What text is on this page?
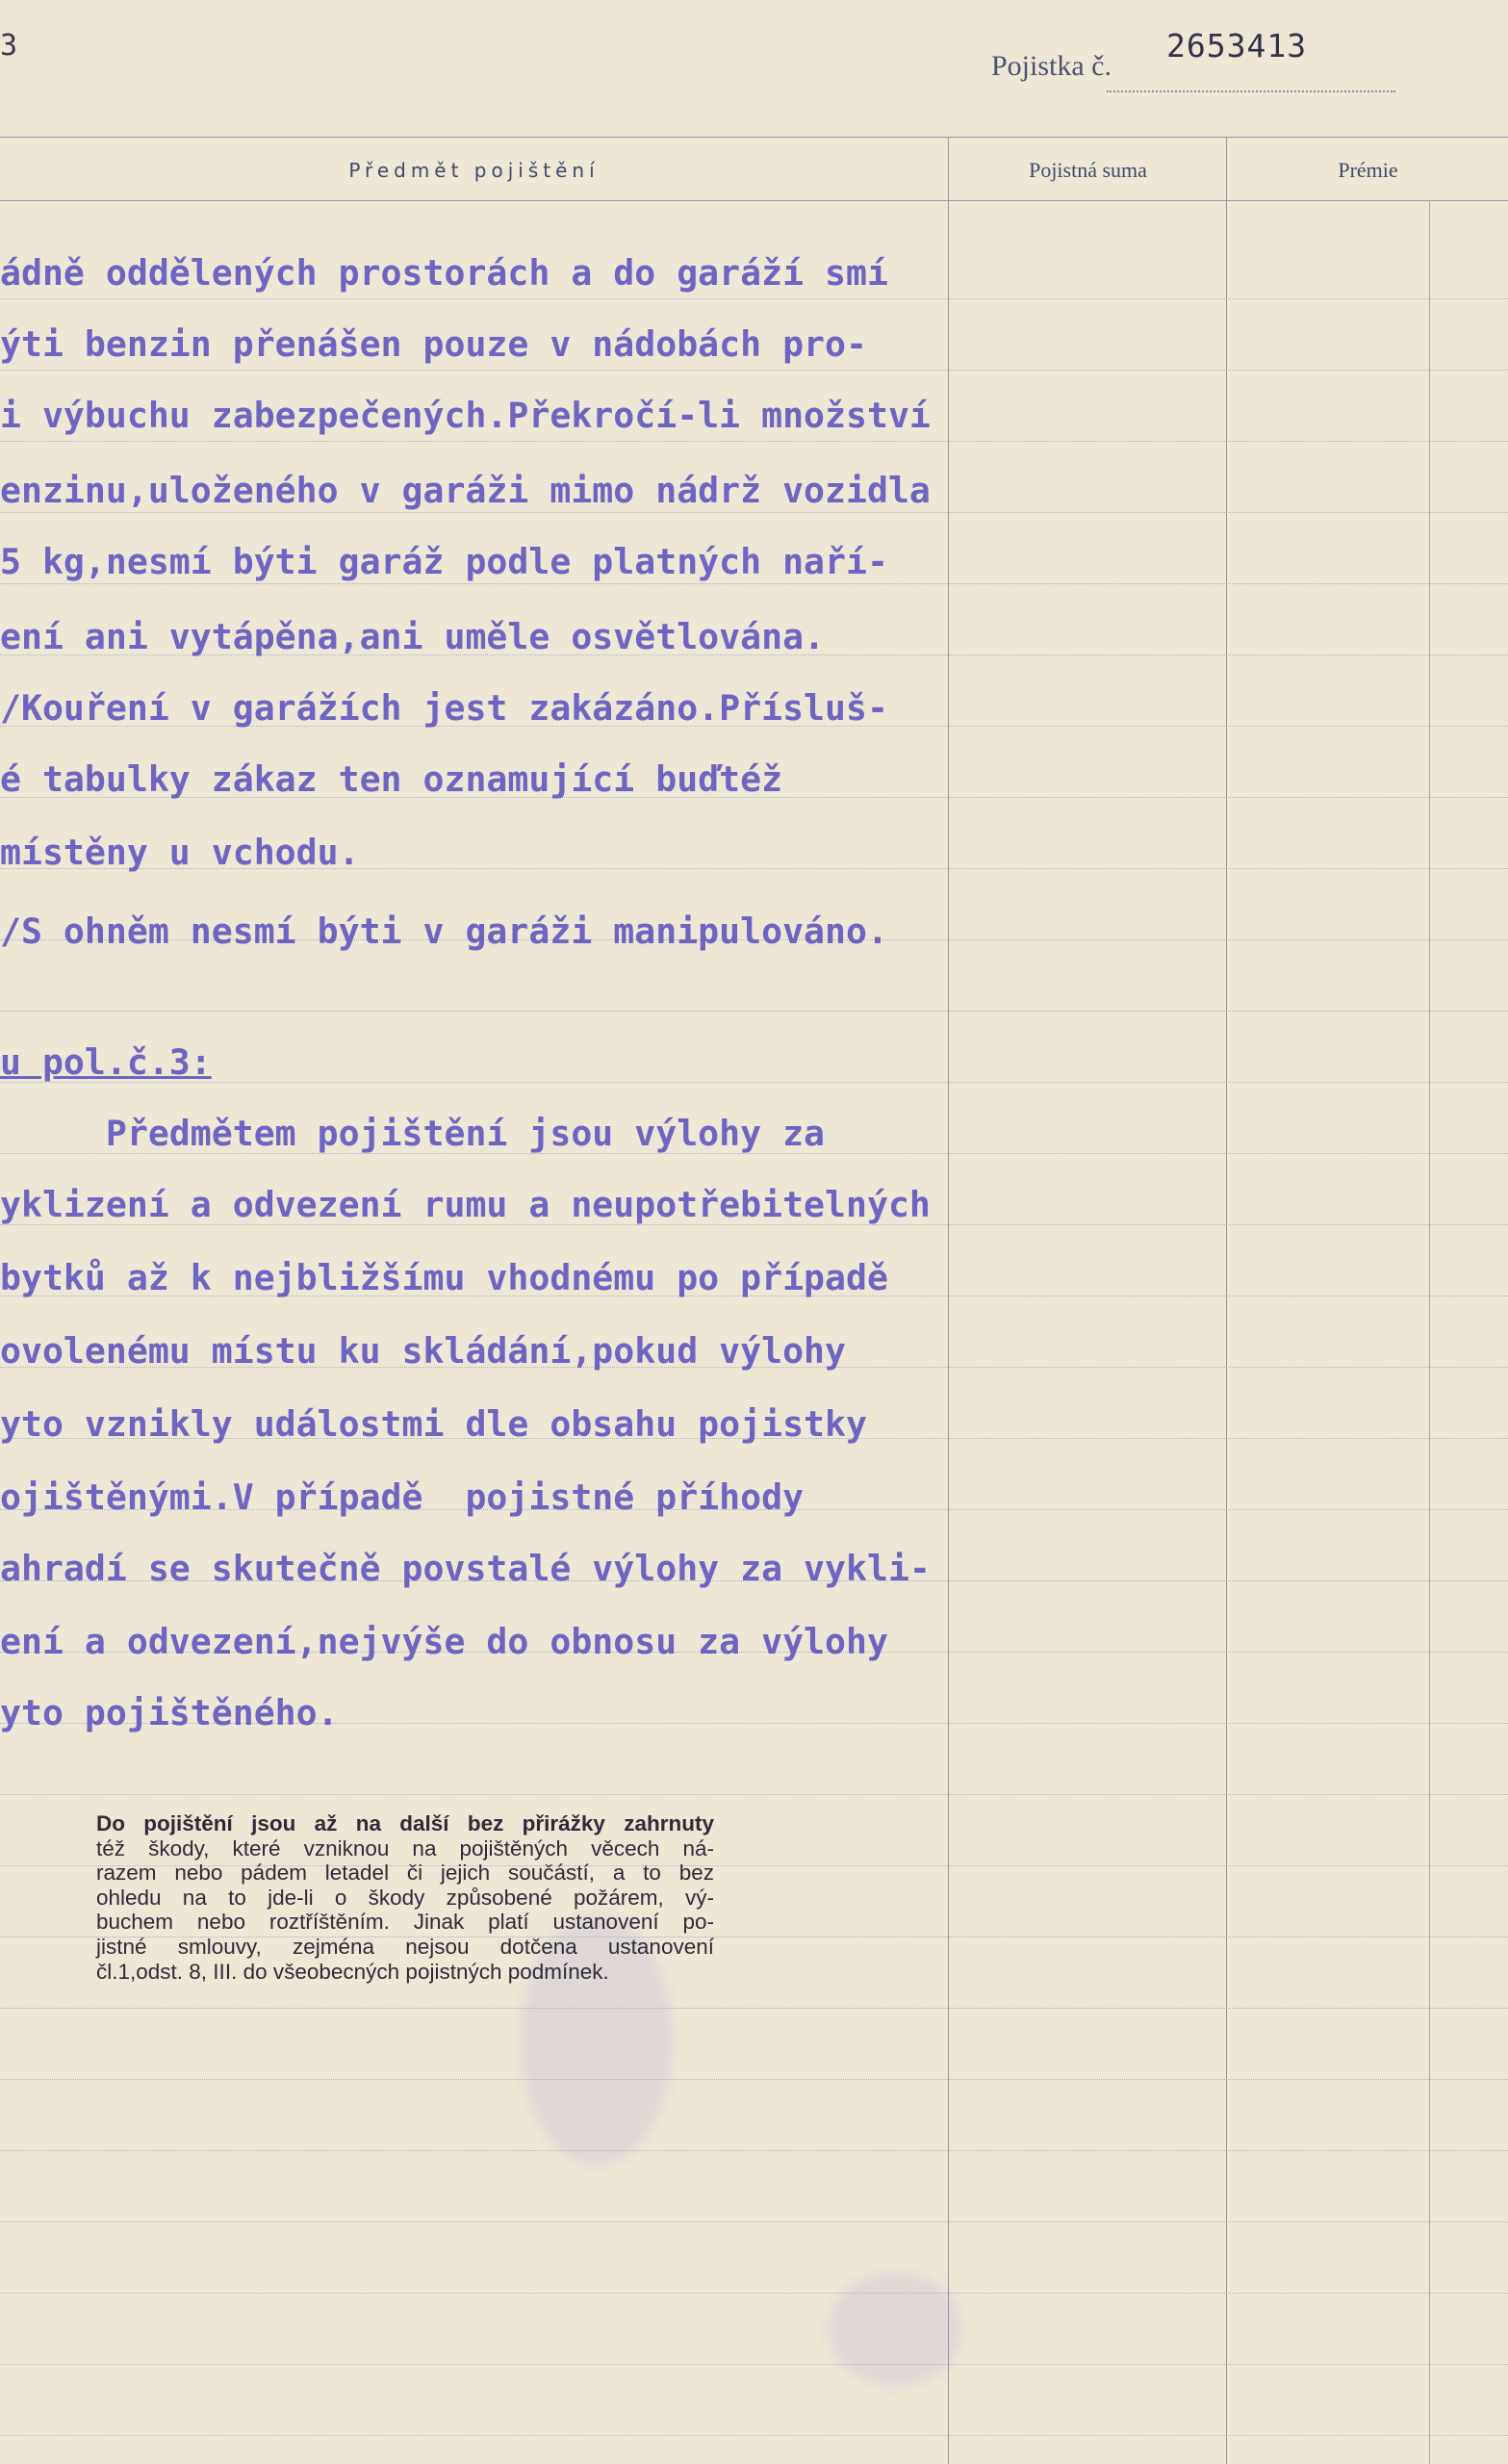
3
Pojistka č.
2653413
Předmět pojištění	Pojistná suma	Prémie
ádně oddělených prostorách a do garáží smí
ýti benzin přenášen pouze v nádobách pro-
i výbuchu zabezpečených.Překročí-li množství
enzinu,uloženého v garáži mimo nádrž vozidla
5 kg,nesmí býti garáž podle platných naří-
ení ani vytápěna,ani uměle osvětlována.
/Kouření v garážích jest zakázáno.Přísluš-
é tabulky zákaz ten oznamující buďtéž
místěny u vchodu.
/S ohněm nesmí býti v garáži manipulováno.
u pol.č.3:
Předmětem pojištění jsou výlohy za
yklizení a odvezení rumu a neupotřebitelných
bytků až k nejbližšímu vhodnému po případě
ovolenému místu ku skládání,pokud výlohy
yto vznikly událostmi dle obsahu pojistky
ojištěnými.V případě  pojistné příhody
ahradí se skutečně povstalé výlohy za vykli-
ení a odvezení,nejvýše do obnosu za výlohy
yto pojištěného.
Do pojištění jsou až na další bez přirážky zahrnuty
též škody, které vzniknou na pojištěných věcech ná-
razem nebo pádem letadel či jejich součástí, a to bez
ohledu na to jde-li o škody způsobené požárem, vý-
buchem nebo roztříštěním. Jinak platí ustanovení po-
jistné smlouvy, zejména nejsou dotčena ustanovení
čl.1,odst. 8, III. do všeobecných pojistných podmínek.
